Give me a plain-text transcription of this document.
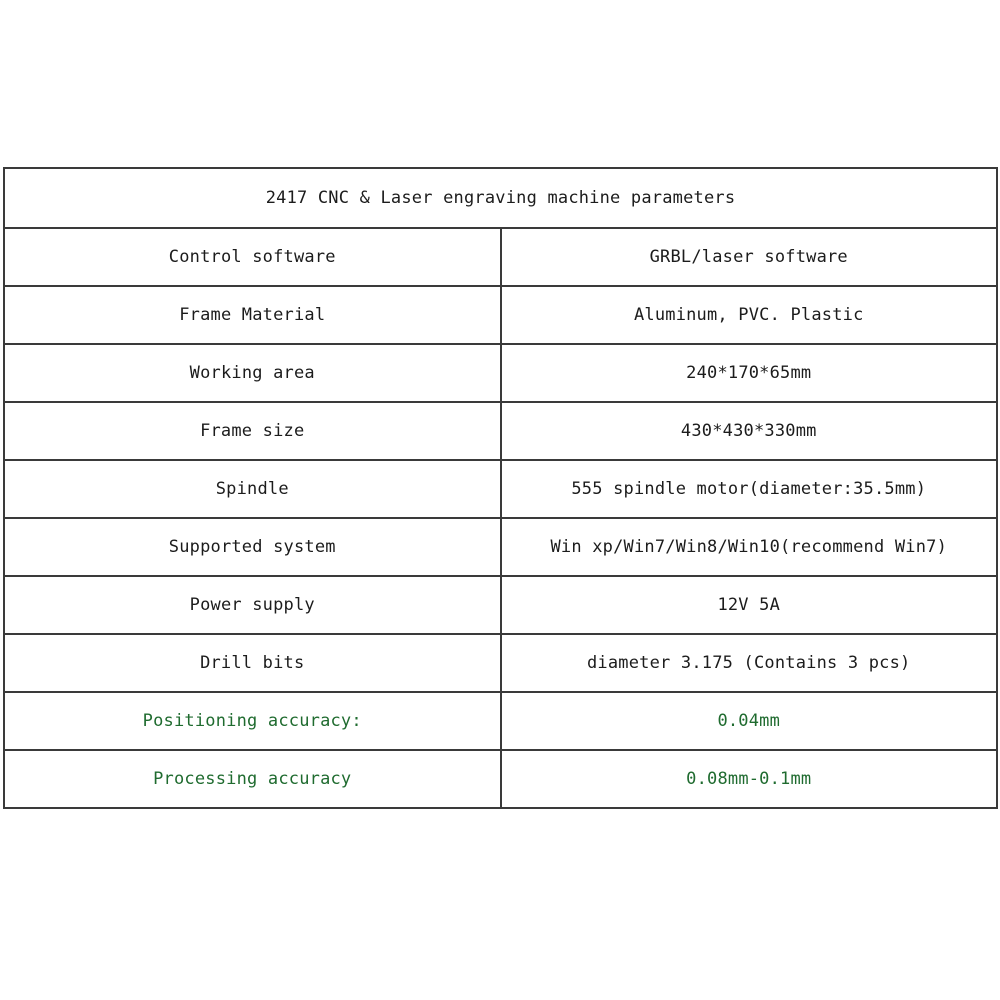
2417 CNC & Laser engraving machine parameters	
Control software	GRBL/laser software
Frame Material	Aluminum, PVC. Plastic
Working area	240*170*65mm
Frame size	430*430*330mm
Spindle	555 spindle motor(diameter:35.5mm)
Supported system	Win xp/Win7/Win8/Win10(recommend Win7)
Power supply	12V 5A
Drill bits	diameter 3.175 (Contains 3 pcs)
Positioning accuracy:	0.04mm
Processing accuracy	0.08mm-0.1mm
